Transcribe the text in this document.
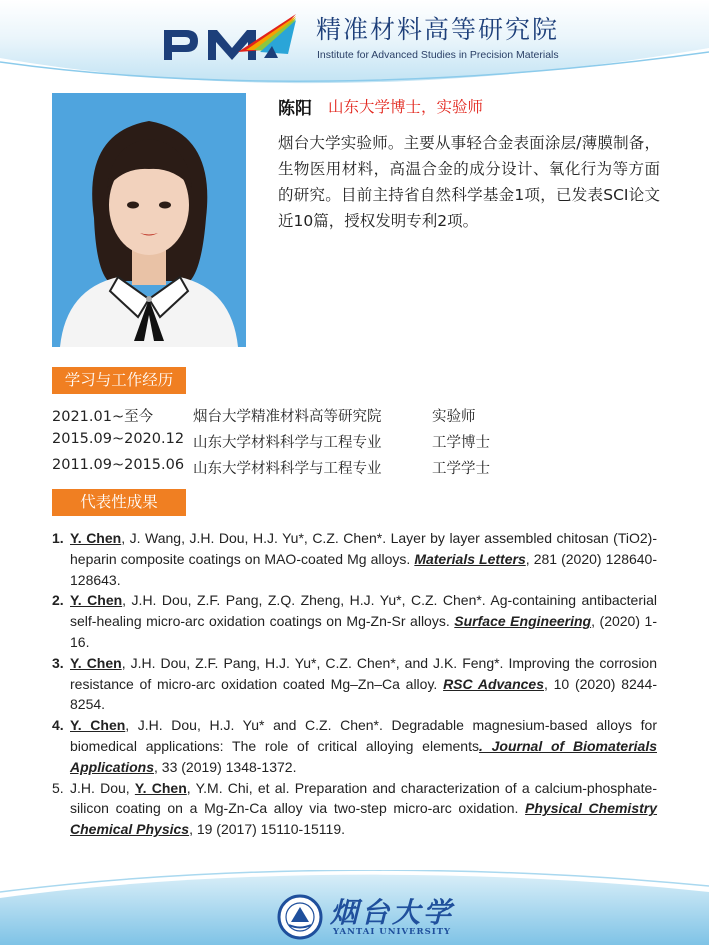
精准材料高等研究院
Institute for Advanced Studies in Precision Materials
陈阳 山东大学博士，实验师
烟台大学实验师。主要从事轻合金表面涂层/薄膜制备，生物医用材料，高温合金的成分设计、氧化行为等方面的研究。目前主持省自然科学基金1项，已发表SCI论文近10篇，授权发明专利2项。
学习与工作经历
2021.01~至今	烟台大学精准材料高等研究院	实验师
2015.09~2020.12 山东大学材料科学与工程专业	工学博士
2011.09~2015.06 山东大学材料科学与工程专业	工学学士
代表性成果
1. Y. Chen, J. Wang, J.H. Dou, H.J. Yu*, C.Z. Chen*. Layer by layer assembled chitosan (TiO2)-heparin composite coatings on MAO-coated Mg alloys. Materials Letters, 281 (2020) 128640-128643.
2. Y. Chen, J.H. Dou, Z.F. Pang, Z.Q. Zheng, H.J. Yu*, C.Z. Chen*. Ag-containing antibacterial self-healing micro-arc oxidation coatings on Mg-Zn-Sr alloys. Surface Engineering, (2020) 1-16.
3. Y. Chen, J.H. Dou, Z.F. Pang, H.J. Yu*, C.Z. Chen*, and J.K. Feng*. Improving the corrosion resistance of micro-arc oxidation coated Mg–Zn–Ca alloy. RSC Advances, 10 (2020) 8244-8254.
4. Y. Chen, J.H. Dou, H.J. Yu* and C.Z. Chen*. Degradable magnesium-based alloys for biomedical applications: The role of critical alloying elements. Journal of Biomaterials Applications, 33 (2019) 1348-1372.
5. J.H. Dou, Y. Chen, Y.M. Chi, et al. Preparation and characterization of a calcium-phosphate-silicon coating on a Mg-Zn-Ca alloy via two-step micro-arc oxidation. Physical Chemistry Chemical Physics, 19 (2017) 15110-15119.
烟台大学
YANTAI UNIVERSITY
